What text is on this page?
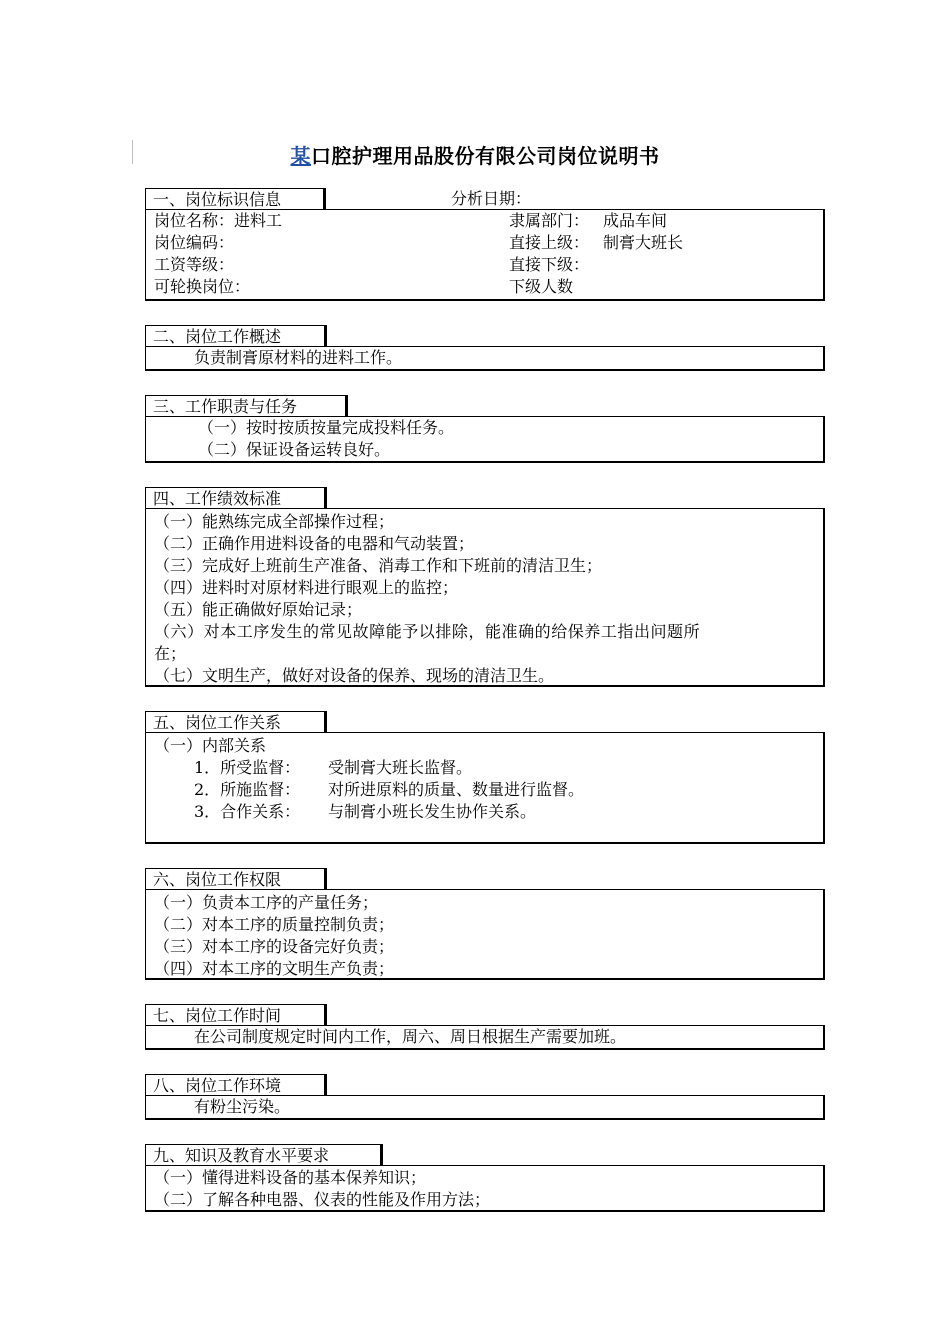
某口腔护理用品股份有限公司岗位说明书
一、岗位标识信息	分析日期：
岗位名称：进料工
岗位编码：
工资等级：
可轮换岗位：
隶属部门： 成品车间
直接上级： 制膏大班长
直接下级：
下级人数
二、岗位工作概述
负责制膏原材料的进料工作。
三、工作职责与任务
（一）按时按质按量完成投料任务。
（二）保证设备运转良好。
四、工作绩效标准
（一）能熟练完成全部操作过程；
（二）正确作用进料设备的电器和气动装置；
（三）完成好上班前生产准备、消毒工作和下班前的清洁卫生；
（四）进料时对原材料进行眼观上的监控；
（五）能正确做好原始记录；
（六）对本工序发生的常见故障能予以排除，能准确的给保养工指出问题所
在；
（七）文明生产，做好对设备的保养、现场的清洁卫生。
五、岗位工作关系
（一）内部关系
1．所受监督： 受制膏大班长监督。
2．所施监督： 对所进原料的质量、数量进行监督。
3．合作关系： 与制膏小班长发生协作关系。
六、岗位工作权限
（一）负责本工序的产量任务；
（二）对本工序的质量控制负责；
（三）对本工序的设备完好负责；
（四）对本工序的文明生产负责；
七、岗位工作时间
在公司制度规定时间内工作，周六、周日根据生产需要加班。
八、岗位工作环境
有粉尘污染。
九、知识及教育水平要求
（一）懂得进料设备的基本保养知识；
（二）了解各种电器、仪表的性能及作用方法；
